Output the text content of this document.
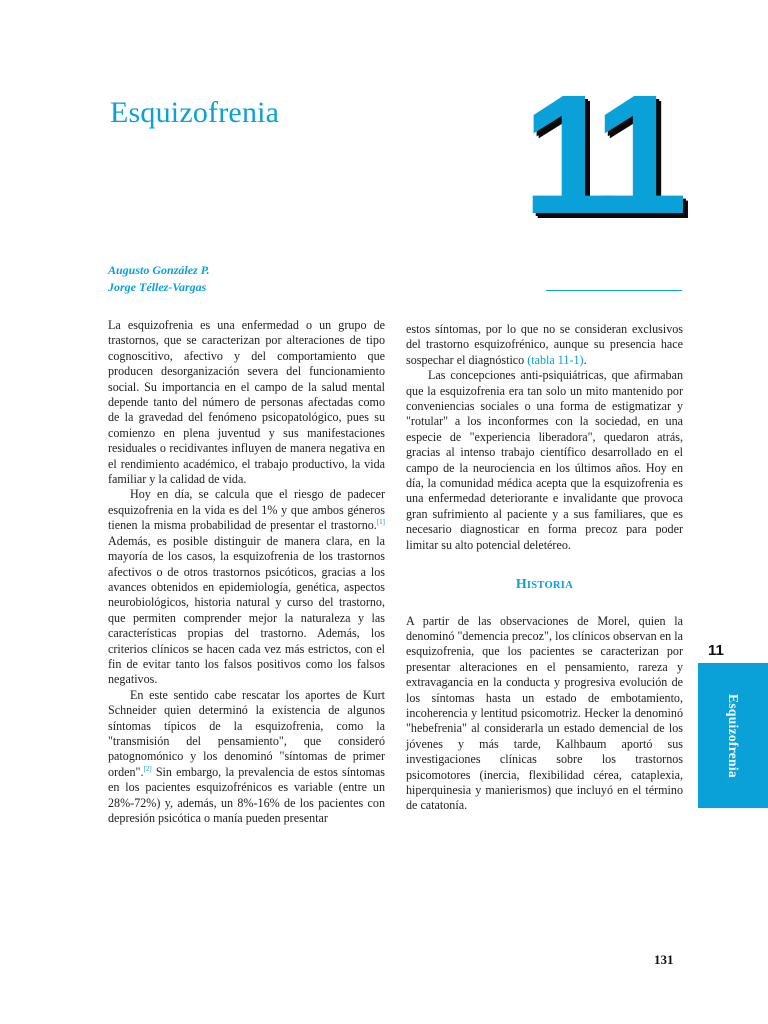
Esquizofrenia 11
Augusto González P.
Jorge Téllez-Vargas

La esquizofrenia es una enfermedad o un grupo de trastornos, que se caracterizan por alteraciones de tipo cognoscitivo, afectivo y del comportamiento que producen desorganización severa del funcionamiento social. Su importancia en el campo de la salud mental depende tanto del número de personas afectadas como de la gravedad del fenómeno psicopatológico, pues su comienzo en plena juventud y sus manifestaciones residuales o recidivantes influyen de manera negativa en el rendimiento académico, el trabajo productivo, la vida familiar y la calidad de vida.

Hoy en día, se calcula que el riesgo de padecer esquizofrenia en la vida es del 1% y que ambos géneros tienen la misma probabilidad de presentar el trastorno.[1] Además, es posible distinguir de manera clara, en la mayoría de los casos, la esquizofrenia de los trastornos afectivos o de otros trastornos psicóticos, gracias a los avances obtenidos en epidemiología, genética, aspectos neurobiológicos, historia natural y curso del trastorno, que permiten comprender mejor la naturaleza y las características propias del trastorno. Además, los criterios clínicos se hacen cada vez más estrictos, con el fin de evitar tanto los falsos positivos como los falsos negativos.

En este sentido cabe rescatar los aportes de Kurt Schneider quien determinó la existencia de algunos síntomas típicos de la esquizofrenia, como la "transmisión del pensamiento", que consideró patognomónico y los denominó "síntomas de primer orden".[2] Sin embargo, la prevalencia de estos síntomas en los pacientes esquizofrénicos es variable (entre un 28%-72%) y, además, un 8%-16% de los pacientes con depresión psicótica o manía pueden presentar

estos síntomas, por lo que no se consideran exclusivos del trastorno esquizofrénico, aunque su presencia hace sospechar el diagnóstico (tabla 11-1).

Las concepciones anti-psiquiátricas, que afirmaban que la esquizofrenia era tan solo un mito mantenido por conveniencias sociales o una forma de estigmatizar y "rotular" a los inconformes con la sociedad, en una especie de "experiencia liberadora", quedaron atrás, gracias al intenso trabajo científico desarrollado en el campo de la neurociencia en los últimos años. Hoy en día, la comunidad médica acepta que la esquizofrenia es una enfermedad deteriorante e invalidante que provoca gran sufrimiento al paciente y a sus familiares, que es necesario diagnosticar en forma precoz para poder limitar su alto potencial deletéreo.

HISTORIA

A partir de las observaciones de Morel, quien la denominó "demencia precoz", los clínicos observan en la esquizofrenia, que los pacientes se caracterizan por presentar alteraciones en el pensamiento, rareza y extravagancia en la conducta y progresiva evolución de los síntomas hasta un estado de embotamiento, incoherencia y lentitud psicomotriz. Hecker la denominó "hebefrenia" al considerarla un estado demencial de los jóvenes y más tarde, Kalhbaum aportó sus investigaciones clínicas sobre los trastornos psicomotores (inercia, flexibilidad cérea, cataplexia, hiperquinesia y manierismos) que incluyó en el término de catatonía.

11
Esquizofrenia
131
